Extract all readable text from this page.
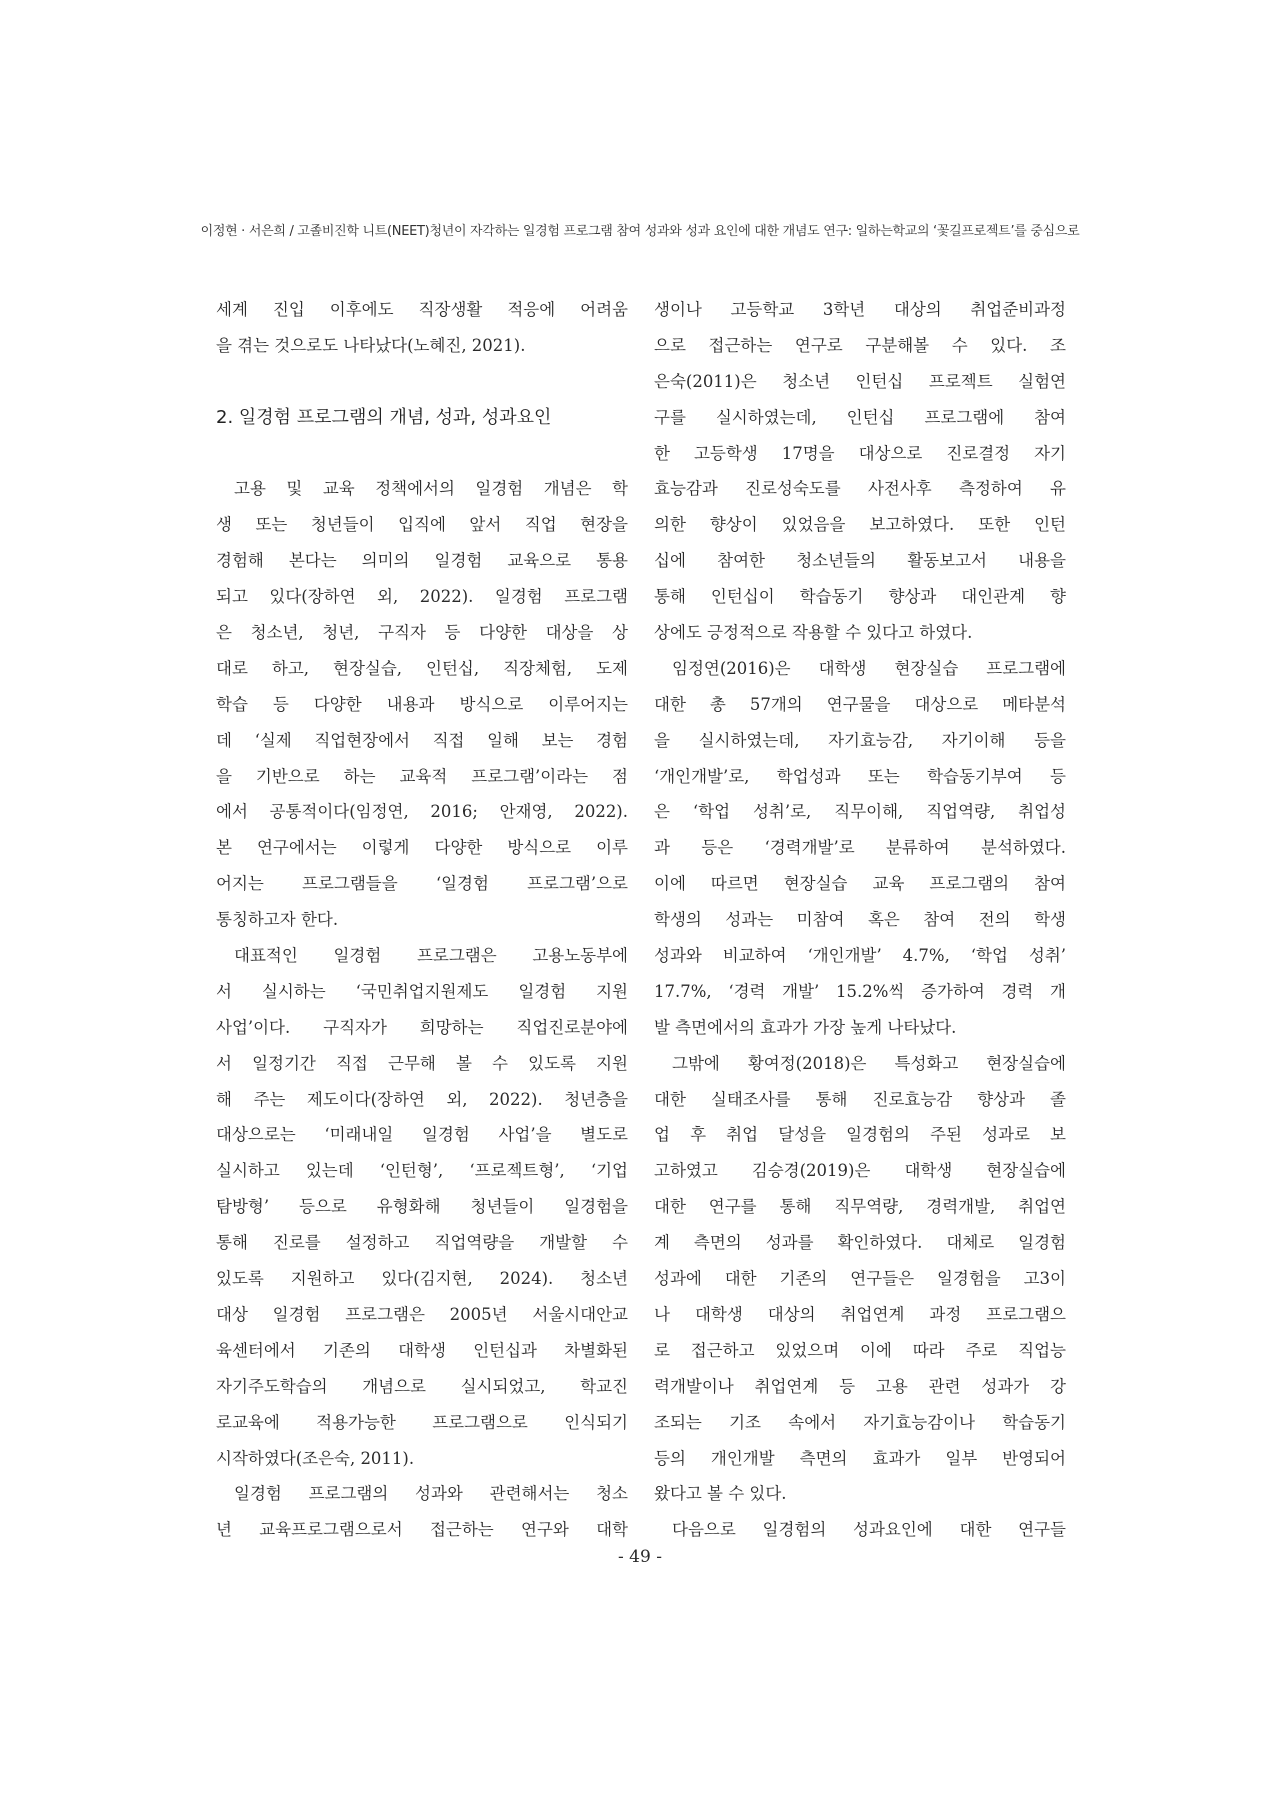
이정현 · 서은희 / 고졸비진학 니트(NEET)청년이 자각하는 일경험 프로그램 참여 성과와 성과 요인에 대한 개념도 연구: 일하는학교의 ‘꽃길프로젝트’를 중심으로
세계 진입 이후에도 직장생활 적응에 어려움
을 겪는 것으로도 나타났다(노혜진, 2021).
2. 일경험 프로그램의 개념, 성과, 성과요인
고용 및 교육 정책에서의 일경험 개념은 학
생 또는 청년들이 입직에 앞서 직업 현장을
경험해 본다는 의미의 일경험 교육으로 통용
되고 있다(장하연 외, 2022). 일경험 프로그램
은 청소년, 청년, 구직자 등 다양한 대상을 상
대로 하고, 현장실습, 인턴십, 직장체험, 도제
학습 등 다양한 내용과 방식으로 이루어지는
데 ‘실제 직업현장에서 직접 일해 보는 경험
을 기반으로 하는 교육적 프로그램’이라는 점
에서 공통적이다(임정연, 2016; 안재영, 2022).
본 연구에서는 이렇게 다양한 방식으로 이루
어지는 프로그램들을 ‘일경험 프로그램’으로
통칭하고자 한다.
대표적인 일경험 프로그램은 고용노동부에
서 실시하는 ‘국민취업지원제도 일경험 지원
사업’이다. 구직자가 희망하는 직업진로분야에
서 일정기간 직접 근무해 볼 수 있도록 지원
해 주는 제도이다(장하연 외, 2022). 청년층을
대상으로는 ‘미래내일 일경험 사업’을 별도로
실시하고 있는데 ‘인턴형’, ‘프로젝트형’, ‘기업
탐방형’ 등으로 유형화해 청년들이 일경험을
통해 진로를 설정하고 직업역량을 개발할 수
있도록 지원하고 있다(김지현, 2024). 청소년
대상 일경험 프로그램은 2005년 서울시대안교
육센터에서 기존의 대학생 인턴십과 차별화된
자기주도학습의 개념으로 실시되었고, 학교진
로교육에 적용가능한 프로그램으로 인식되기
시작하였다(조은숙, 2011).
일경험 프로그램의 성과와 관련해서는 청소
년 교육프로그램으로서 접근하는 연구와 대학
생이나 고등학교 3학년 대상의 취업준비과정
으로 접근하는 연구로 구분해볼 수 있다. 조
은숙(2011)은 청소년 인턴십 프로젝트 실험연
구를 실시하였는데, 인턴십 프로그램에 참여
한 고등학생 17명을 대상으로 진로결정 자기
효능감과 진로성숙도를 사전사후 측정하여 유
의한 향상이 있었음을 보고하였다. 또한 인턴
십에 참여한 청소년들의 활동보고서 내용을
통해 인턴십이 학습동기 향상과 대인관계 향
상에도 긍정적으로 작용할 수 있다고 하였다.
임정연(2016)은 대학생 현장실습 프로그램에
대한 총 57개의 연구물을 대상으로 메타분석
을 실시하였는데, 자기효능감, 자기이해 등을
‘개인개발’로, 학업성과 또는 학습동기부여 등
은 ‘학업 성취’로, 직무이해, 직업역량, 취업성
과 등은 ‘경력개발’로 분류하여 분석하였다.
이에 따르면 현장실습 교육 프로그램의 참여
학생의 성과는 미참여 혹은 참여 전의 학생
성과와 비교하여 ‘개인개발’ 4.7%, ‘학업 성취’
17.7%, ‘경력 개발’ 15.2%씩 증가하여 경력 개
발 측면에서의 효과가 가장 높게 나타났다.
그밖에 황여정(2018)은 특성화고 현장실습에
대한 실태조사를 통해 진로효능감 향상과 졸
업 후 취업 달성을 일경험의 주된 성과로 보
고하였고 김승경(2019)은 대학생 현장실습에
대한 연구를 통해 직무역량, 경력개발, 취업연
계 측면의 성과를 확인하였다. 대체로 일경험
성과에 대한 기존의 연구들은 일경험을 고3이
나 대학생 대상의 취업연계 과정 프로그램으
로 접근하고 있었으며 이에 따라 주로 직업능
력개발이나 취업연계 등 고용 관련 성과가 강
조되는 기조 속에서 자기효능감이나 학습동기
등의 개인개발 측면의 효과가 일부 반영되어
왔다고 볼 수 있다.
다음으로 일경험의 성과요인에 대한 연구들
- 49 -
